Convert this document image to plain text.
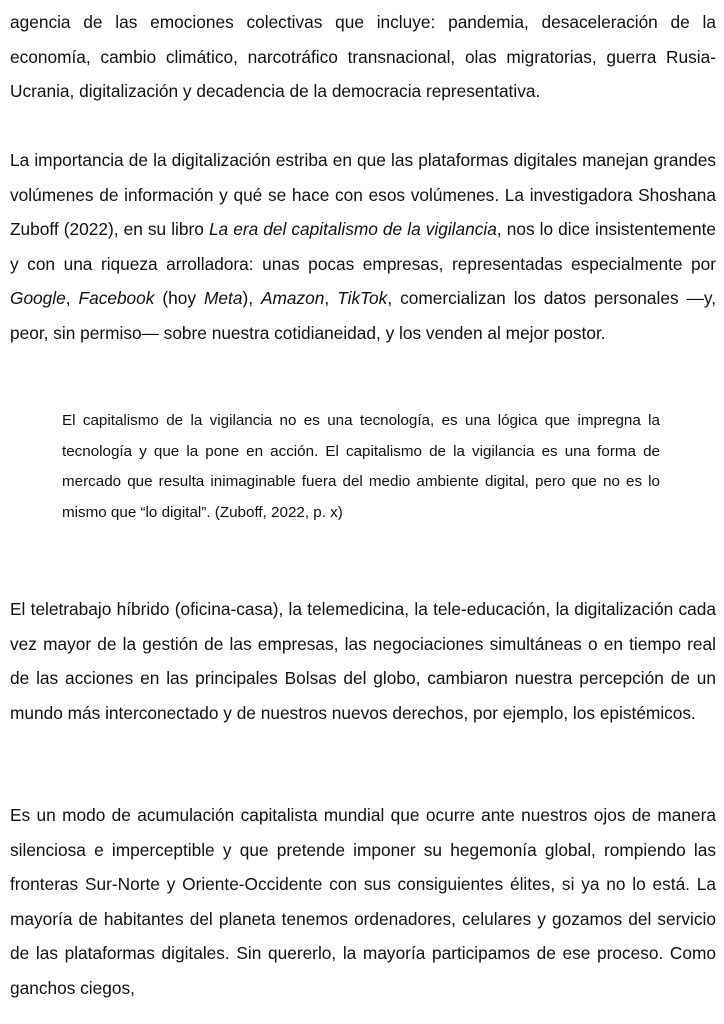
agencia de las emociones colectivas que incluye: pandemia, desaceleración de la economía, cambio climático, narcotráfico transnacional, olas migratorias, guerra Rusia-Ucrania, digitalización y decadencia de la democracia representativa.

La importancia de la digitalización estriba en que las plataformas digitales manejan grandes volúmenes de información y qué se hace con esos volúmenes. La investigadora Shoshana Zuboff (2022), en su libro La era del capitalismo de la vigilancia, nos lo dice insistentemente y con una riqueza arrolladora: unas pocas empresas, representadas especialmente por Google, Facebook (hoy Meta), Amazon, TikTok, comercializan los datos personales —y, peor, sin permiso— sobre nuestra cotidianeidad, y los venden al mejor postor.

El capitalismo de la vigilancia no es una tecnología, es una lógica que impregna la tecnología y que la pone en acción. El capitalismo de la vigilancia es una forma de mercado que resulta inimaginable fuera del medio ambiente digital, pero que no es lo mismo que “lo digital”. (Zuboff, 2022, p. x)

El teletrabajo híbrido (oficina-casa), la telemedicina, la tele-educación, la digitalización cada vez mayor de la gestión de las empresas, las negociaciones simultáneas o en tiempo real de las acciones en las principales Bolsas del globo, cambiaron nuestra percepción de un mundo más interconectado y de nuestros nuevos derechos, por ejemplo, los epistémicos.

Es un modo de acumulación capitalista mundial que ocurre ante nuestros ojos de manera silenciosa e imperceptible y que pretende imponer su hegemonía global, rompiendo las fronteras Sur-Norte y Oriente-Occidente con sus consiguientes élites, si ya no lo está. La mayoría de habitantes del planeta tenemos ordenadores, celulares y gozamos del servicio de las plataformas digitales. Sin quererlo, la mayoría participamos de ese proceso. Como ganchos ciegos,
